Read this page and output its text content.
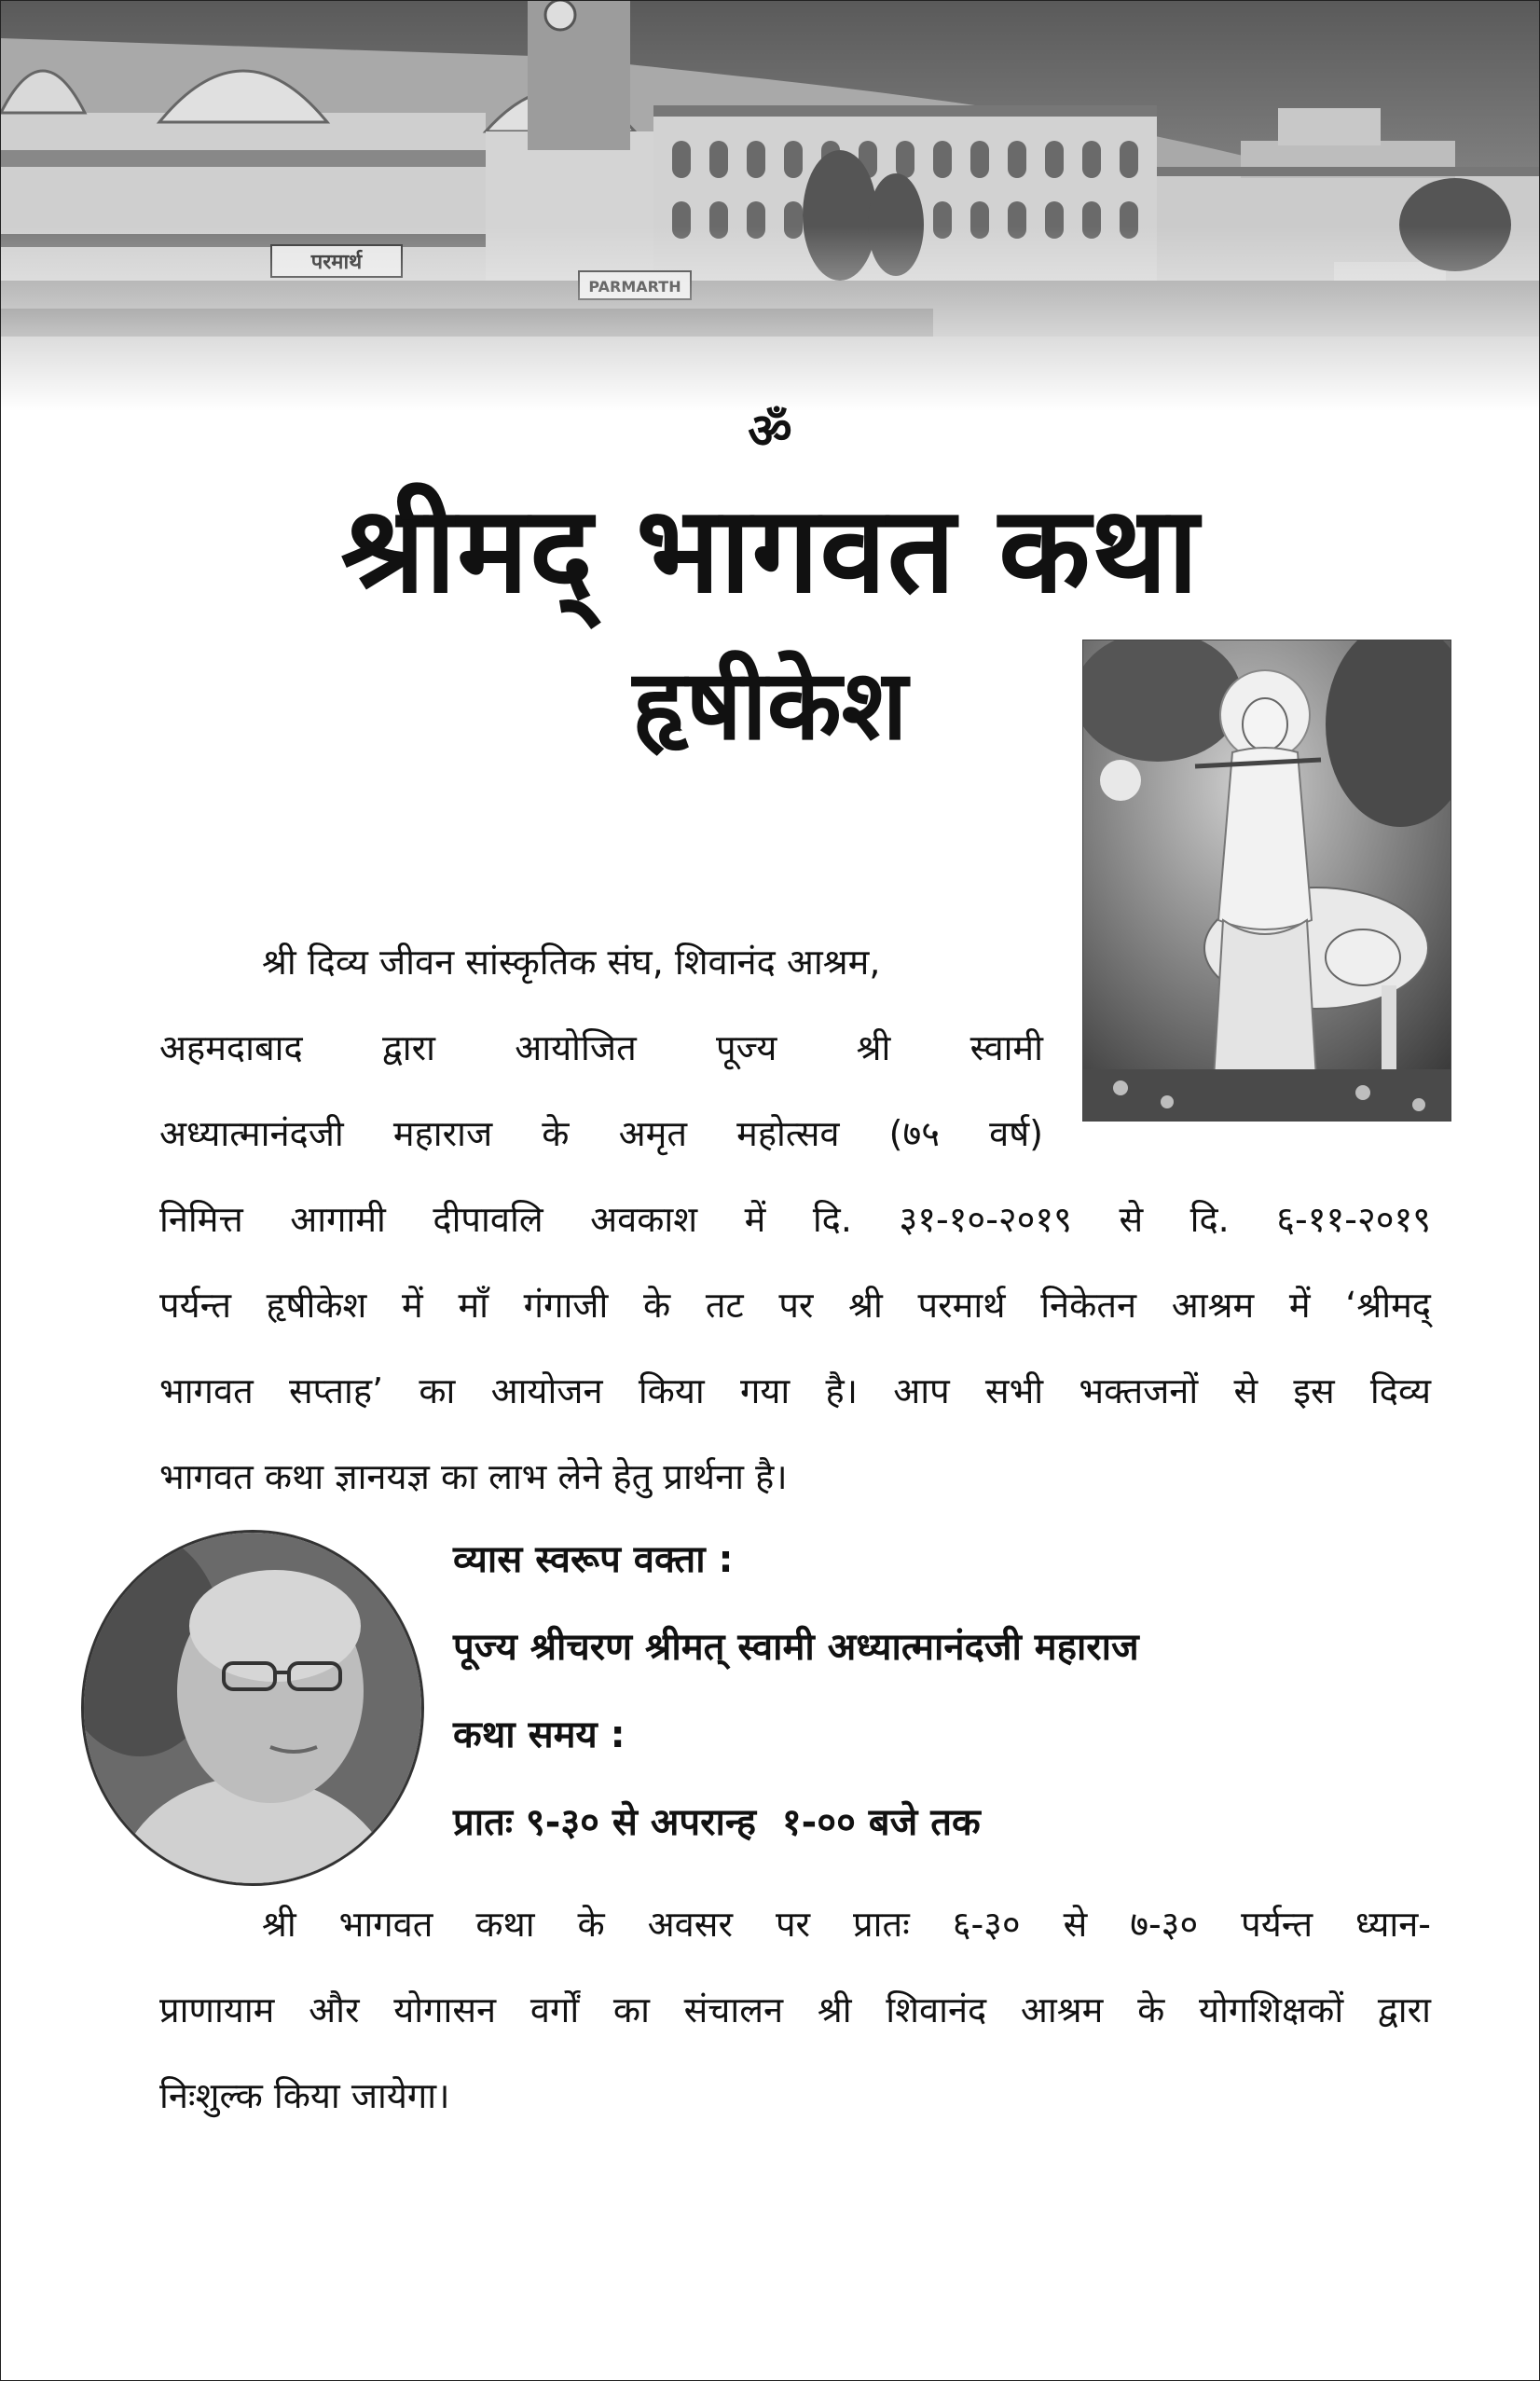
ॐ
श्रीमद् भागवत कथा
हृषीकेश

श्री दिव्य जीवन सांस्कृतिक संघ, शिवानंद आश्रम,

अहमदाबाद द्वारा आयोजित पूज्य श्री स्वामी

अध्यात्मानंदजी महाराज के अमृत महोत्सव (७५ वर्ष)

निमित्त आगामी दीपावलि अवकाश में दि. ३१-१०-२०१९ से दि. ६-११-२०१९

पर्यन्त हृषीकेश में माँ गंगाजी के तट पर श्री परमार्थ निकेतन आश्रम में ‘श्रीमद्

भागवत सप्ताह’ का आयोजन किया गया है। आप सभी भक्तजनों से इस दिव्य

भागवत कथा ज्ञानयज्ञ का लाभ लेने हेतु प्रार्थना है।

व्यास स्वरूप वक्ता :

पूज्य श्रीचरण श्रीमत् स्वामी अध्यात्मानंदजी महाराज

कथा समय :

प्रातः ९-३० से अपरान्ह  १-०० बजे तक

श्री भागवत कथा के अवसर पर प्रातः ६-३० से ७-३० पर्यन्त ध्यान-

प्राणायाम और योगासन वर्गों का संचालन श्री शिवानंद आश्रम के योगशिक्षकों द्वारा

निःशुल्क किया जायेगा।
